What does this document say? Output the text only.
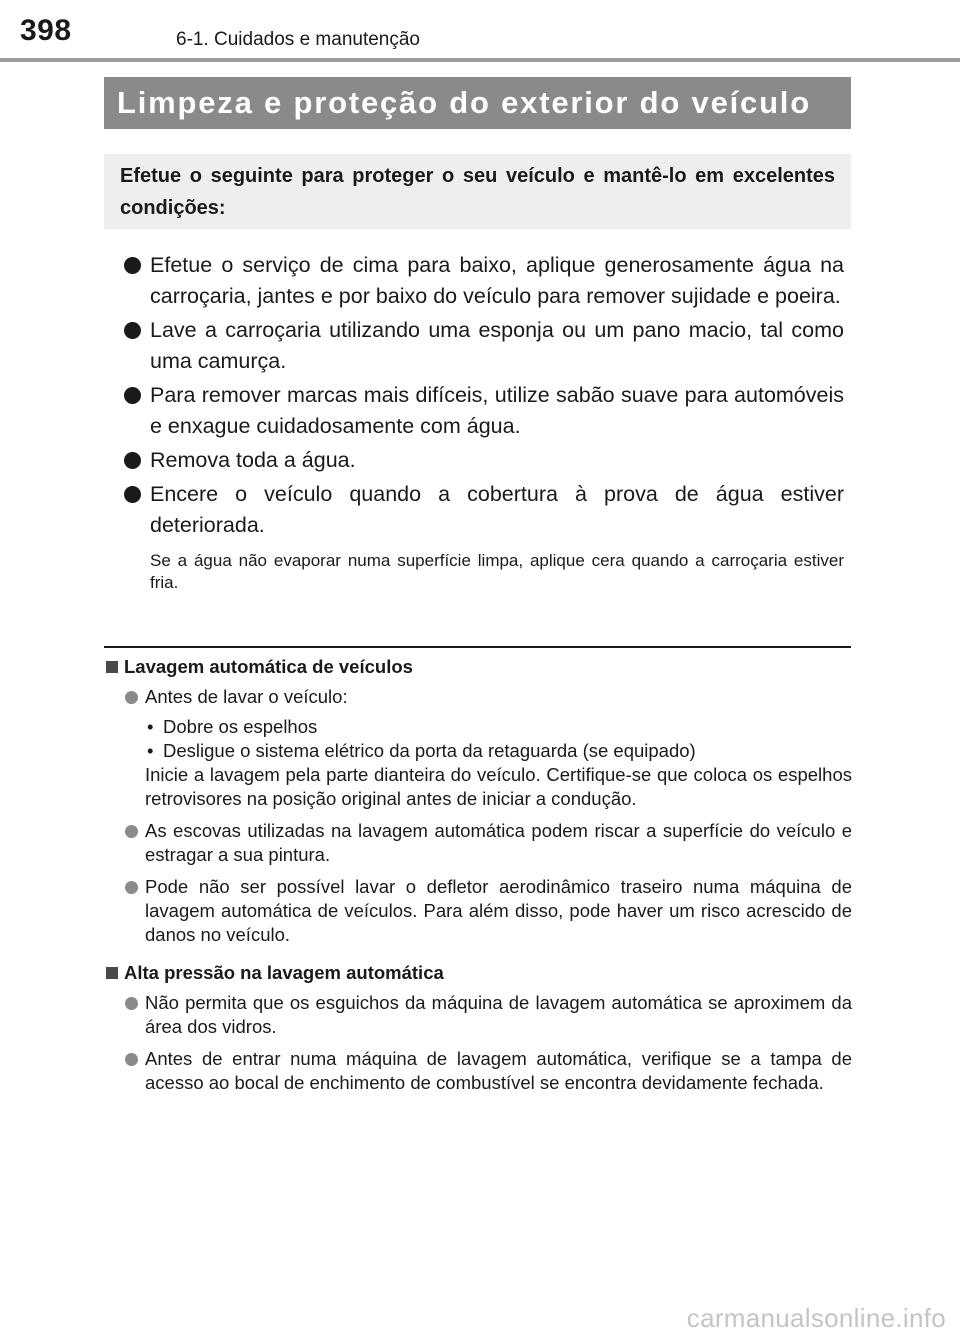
398	6-1. Cuidados e manutenção
Limpeza e proteção do exterior do veículo
Efetue o seguinte para proteger o seu veículo e mantê-lo em excelentes condições:
Efetue o serviço de cima para baixo, aplique generosamente água na carroçaria, jantes e por baixo do veículo para remover sujidade e poeira.
Lave a carroçaria utilizando uma esponja ou um pano macio, tal como uma camurça.
Para remover marcas mais difíceis, utilize sabão suave para automóveis e enxague cuidadosamente com água.
Remova toda a água.
Encere o veículo quando a cobertura à prova de água estiver deteriorada.
Se a água não evaporar numa superfície limpa, aplique cera quando a carroçaria estiver fria.
Lavagem automática de veículos
Antes de lavar o veículo:
• Dobre os espelhos
• Desligue o sistema elétrico da porta da retaguarda (se equipado)
Inicie a lavagem pela parte dianteira do veículo. Certifique-se que coloca os espelhos retrovisores na posição original antes de iniciar a condução.
As escovas utilizadas na lavagem automática podem riscar a superfície do veículo e estragar a sua pintura.
Pode não ser possível lavar o defletor aerodinâmico traseiro numa máquina de lavagem automática de veículos. Para além disso, pode haver um risco acrescido de danos no veículo.
Alta pressão na lavagem automática
Não permita que os esguichos da máquina de lavagem automática se aproximem da área dos vidros.
Antes de entrar numa máquina de lavagem automática, verifique se a tampa de acesso ao bocal de enchimento de combustível se encontra devidamente fechada.
carmanualsonline.info
